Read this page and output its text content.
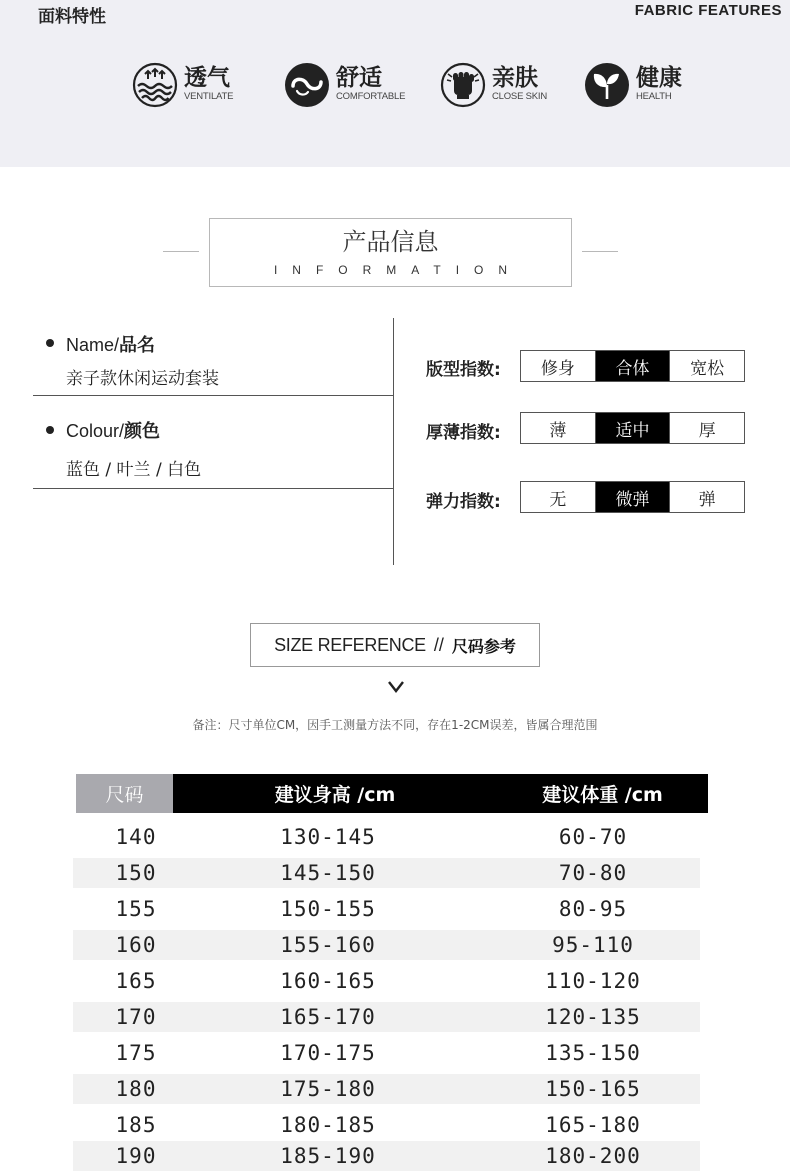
面料特性	FABRIC FEATURES
透气
VENTILATE
舒适
COMFORTABLE
亲肤
CLOSE SKIN
健康
HEALTH
产品信息
INFORMATION
Name/品名
亲子款休闲运动套装
Colour/颜色
蓝色 / 叶兰 / 白色
版型指数:	修身	合体	宽松
厚薄指数:	薄	适中	厚
弹力指数:	无	微弹	弹
SIZE REFERENCE // 尺码参考
备注：尺寸单位CM，因手工测量方法不同，存在1-2CM误差，皆属合理范围
尺码	建议身高 /cm	建议体重 /cm
140	130-145	60-70
150	145-150	70-80
155	150-155	80-95
160	155-160	95-110
165	160-165	110-120
170	165-170	120-135
175	170-175	135-150
180	175-180	150-165
185	180-185	165-180
190	185-190	180-200
